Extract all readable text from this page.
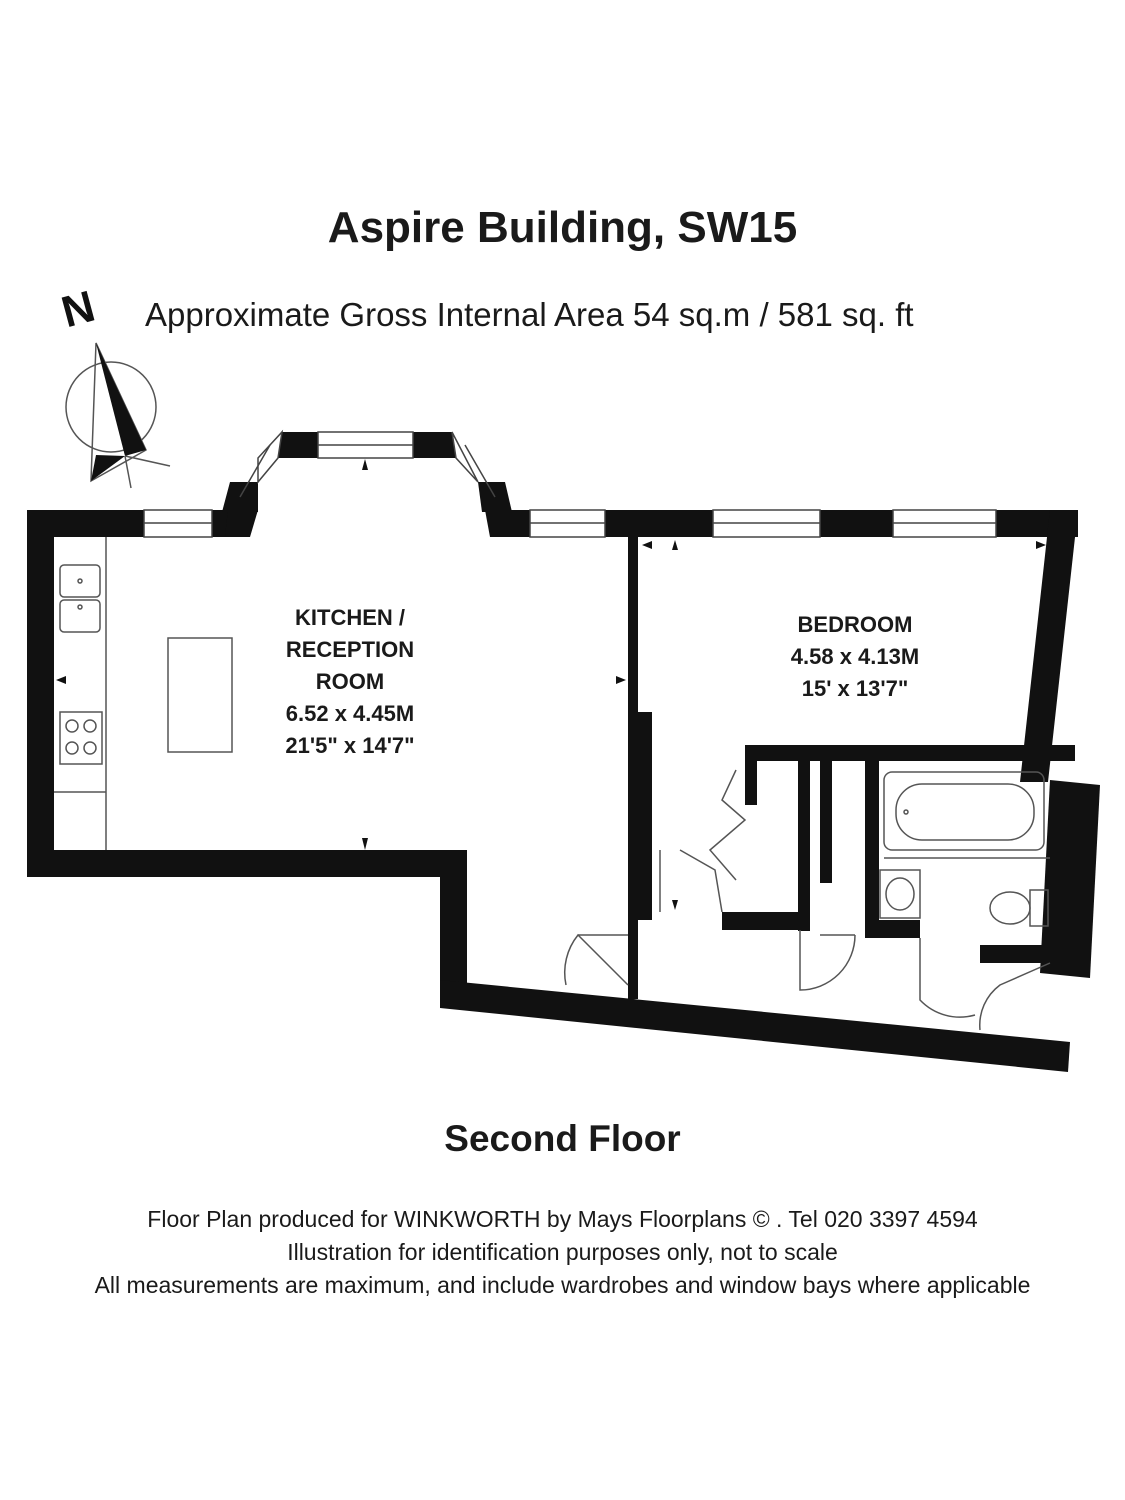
Aspire Building, SW15
Approximate Gross Internal Area 54 sq.m / 581 sq. ft
N
KITCHEN /
RECEPTION
ROOM
6.52 x 4.45M
21'5" x 14'7"
BEDROOM
4.58 x 4.13M
15' x 13'7"
Second Floor
Floor Plan produced for WINKWORTH by Mays Floorplans © . Tel 020 3397 4594
Illustration for identification purposes only, not to scale
All measurements are maximum, and include wardrobes and window bays where applicable
